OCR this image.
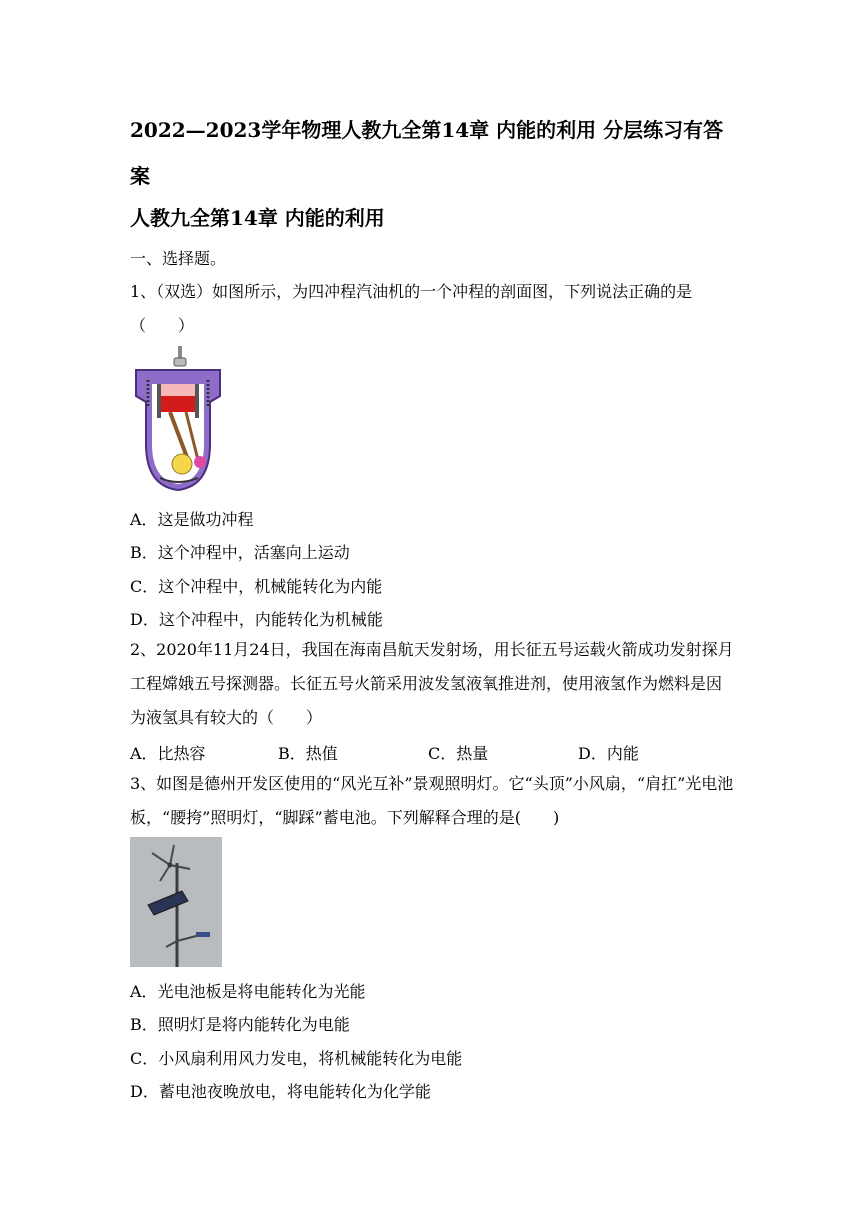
2022—2023学年物理人教九全第14章 内能的利用 分层练习有答案
人教九全第14章 内能的利用

一、选择题。

1、（双选）如图所示，为四冲程汽油机的一个冲程的剖面图，下列说法正确的是（　　）

A．这是做功冲程

B．这个冲程中，活塞向上运动

C．这个冲程中，机械能转化为内能

D．这个冲程中，内能转化为机械能

2、2020年11月24日，我国在海南昌航天发射场，用长征五号运载火箭成功发射探月工程嫦娥五号探测器。长征五号火箭采用波发氢液氧推进剂，使用液氢作为燃料是因为液氢具有较大的（　　）

A．比热容	B．热值	C．热量	D．内能

3、如图是德州开发区使用的“风光互补”景观照明灯。它“头顶”小风扇，“肩扛”光电池板，“腰挎”照明灯，“脚踩”蓄电池。下列解释合理的是(　　)

A．光电池板是将电能转化为光能

B．照明灯是将内能转化为电能

C．小风扇利用风力发电，将机械能转化为电能

D．蓄电池夜晚放电，将电能转化为化学能
